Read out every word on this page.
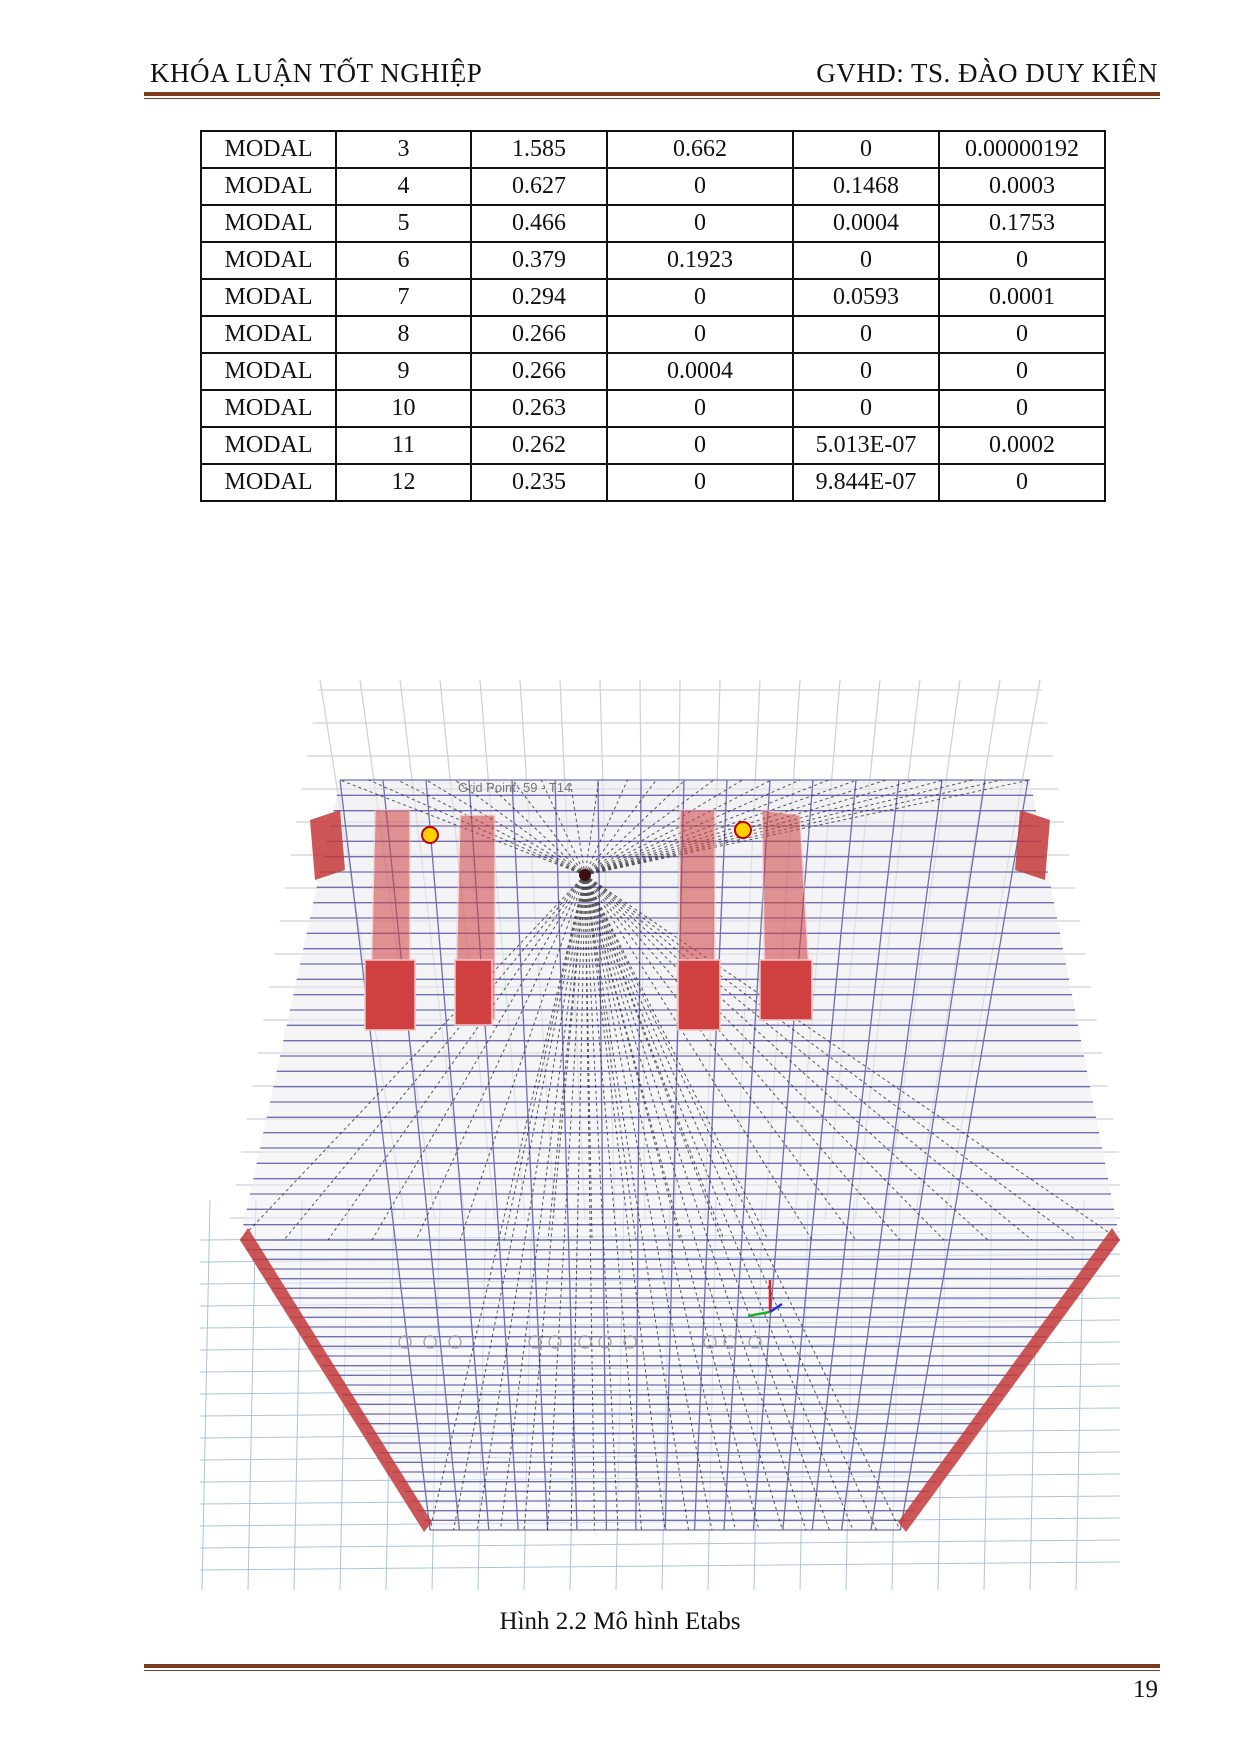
KHÓA LUẬN TỐT NGHIỆP	GVHD: TS. ĐÀO DUY KIÊN
MODAL	3	1.585	0.662	0	0.00000192
MODAL	4	0.627	0	0.1468	0.0003
MODAL	5	0.466	0	0.0004	0.1753
MODAL	6	0.379	0.1923	0	0
MODAL	7	0.294	0	0.0593	0.0001
MODAL	8	0.266	0	0	0
MODAL	9	0.266	0.0004	0	0
MODAL	10	0.263	0	0	0
MODAL	11	0.262	0	5.013E-07	0.0002
MODAL	12	0.235	0	9.844E-07	0
Grid Point: 59 - T14
Hình 2.2 Mô hình Etabs
19
